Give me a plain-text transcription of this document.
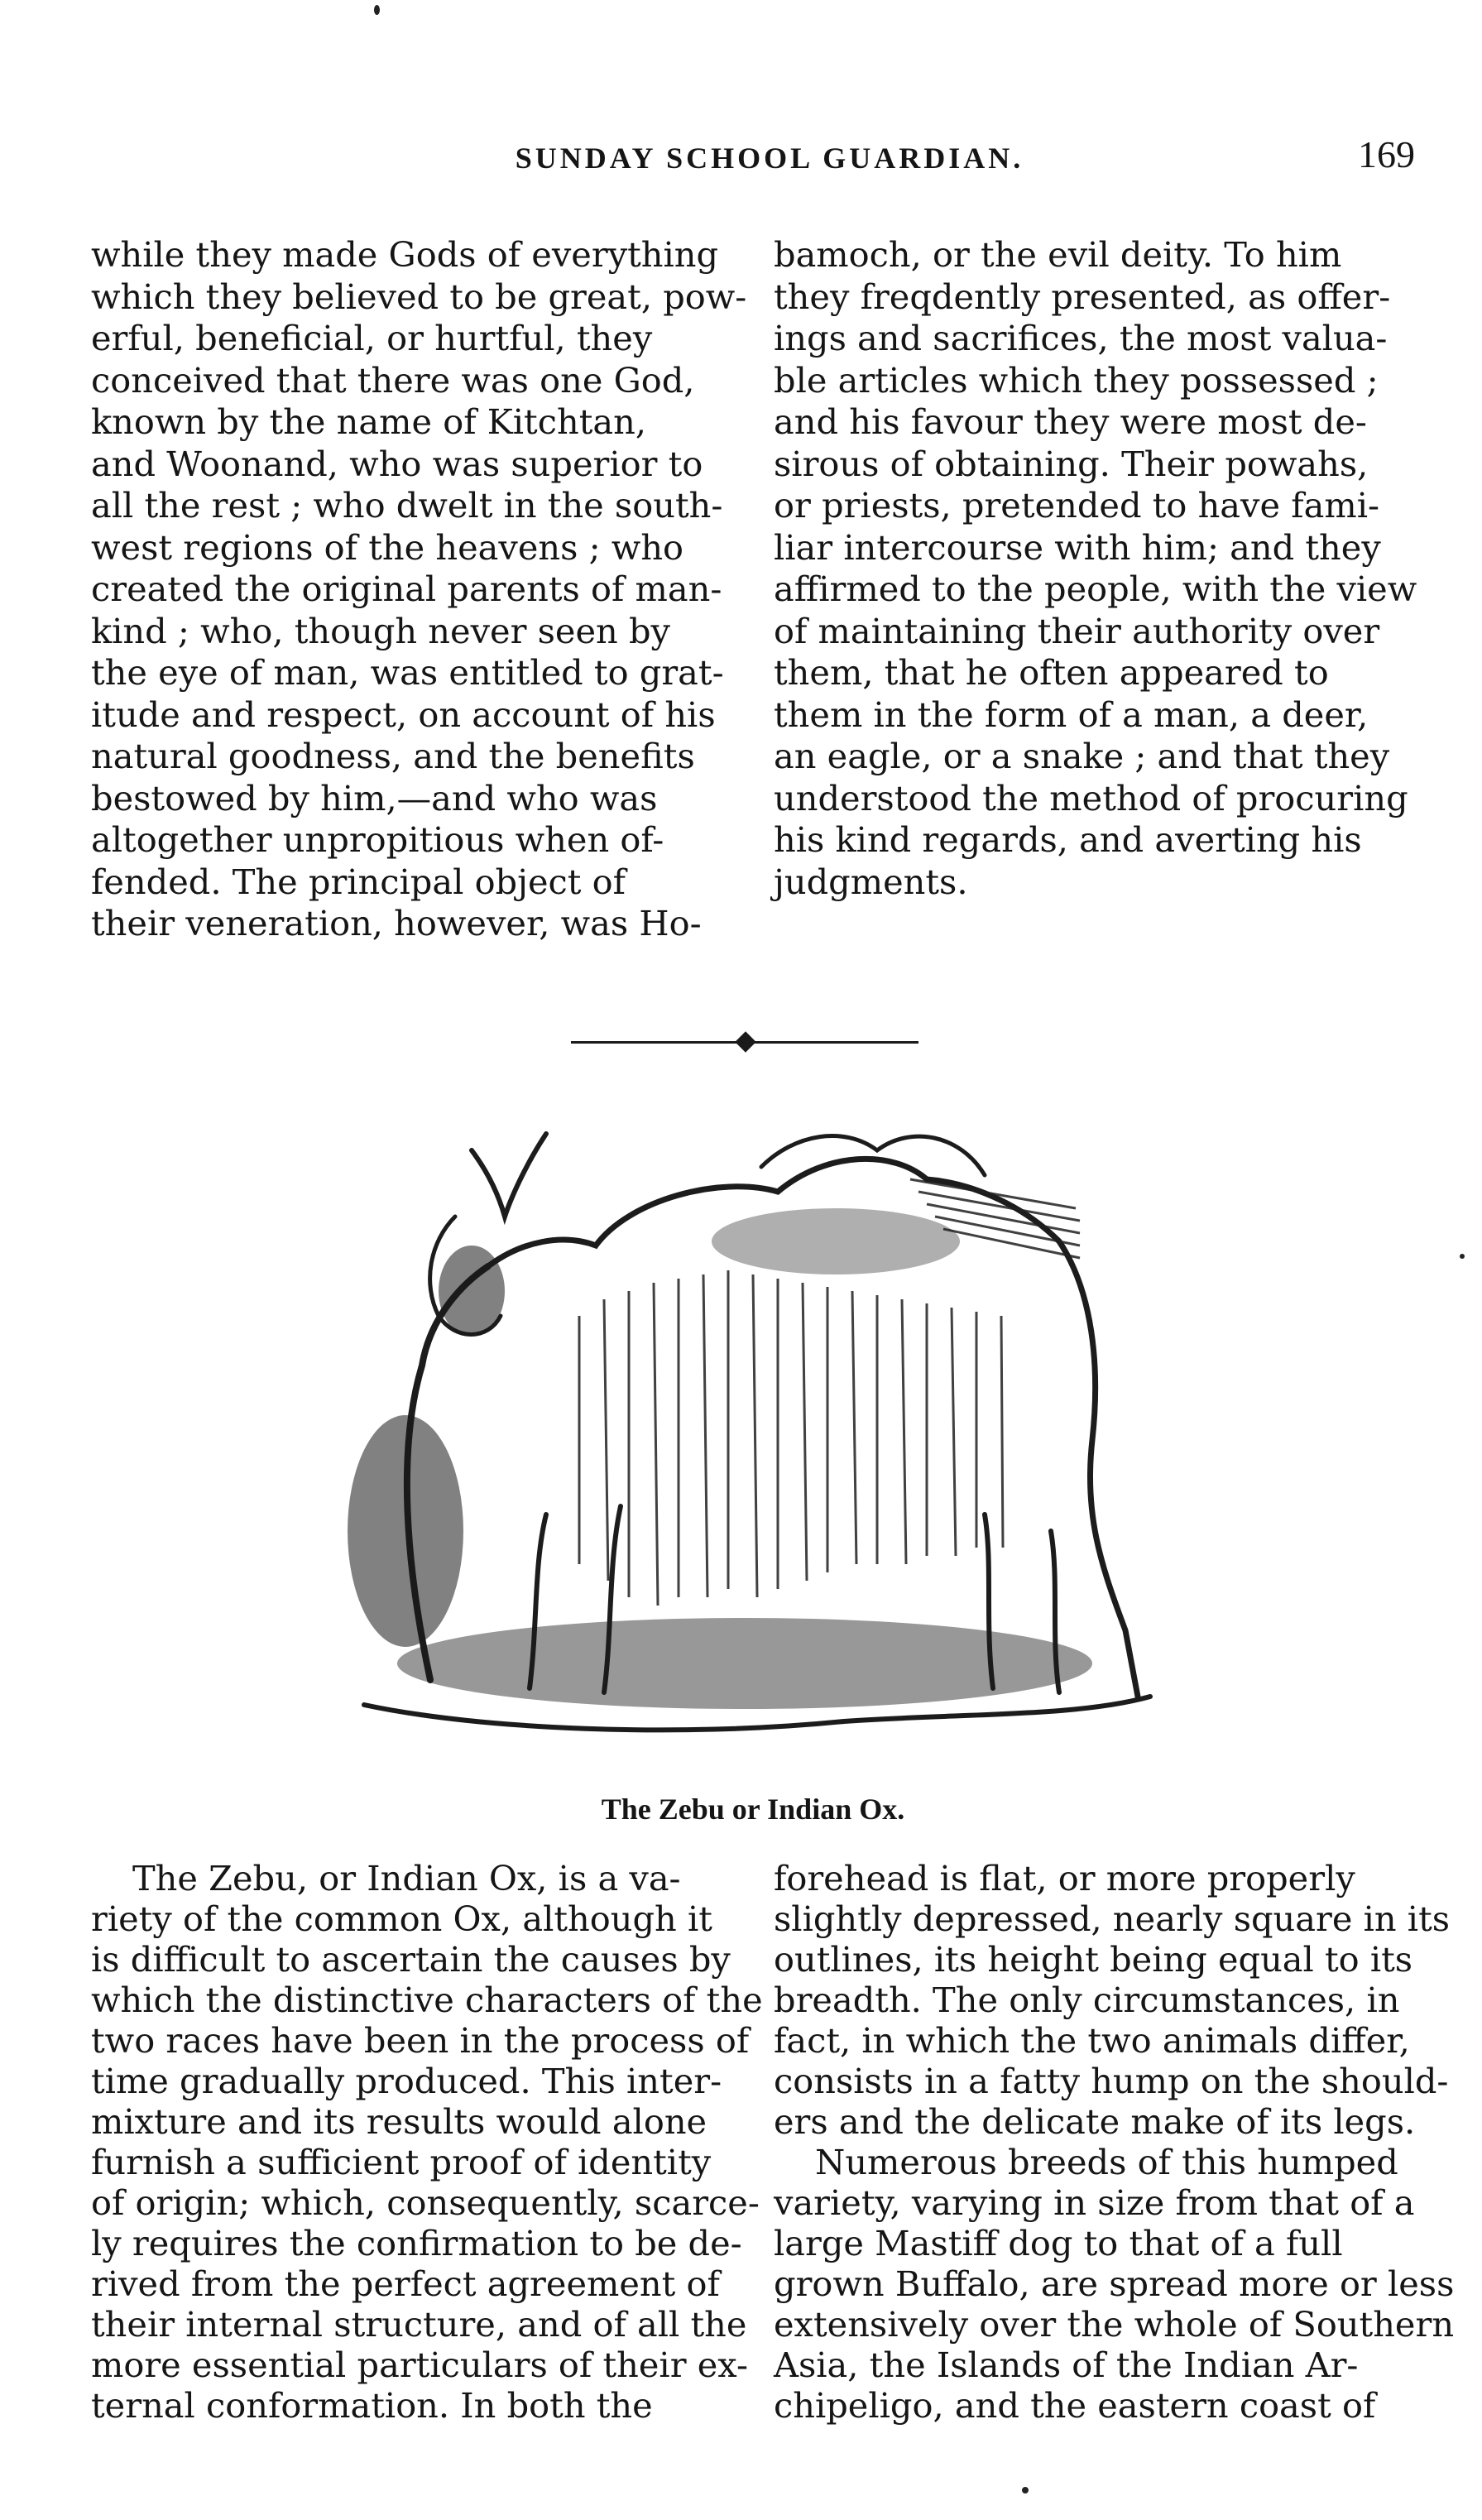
SUNDAY SCHOOL GUARDIAN.	169
while they made Gods of everything
which they believed to be great, pow-
erful, beneficial, or hurtful, they
conceived that there was one God,
known by the name of Kitchtan,
and Woonand, who was superior to
all the rest ; who dwelt in the south-
west regions of the heavens ; who
created the original parents of man-
kind ; who, though never seen by
the eye of man, was entitled to grat-
itude and respect, on account of his
natural goodness, and the benefits
bestowed by him,—and who was
altogether unpropitious when of-
fended. The principal object of
their veneration, however, was Ho-
bamoch, or the evil deity. To him
they freqdently presented, as offer-
ings and sacrifices, the most valua-
ble articles which they possessed ;
and his favour they were most de-
sirous of obtaining. Their powahs,
or priests, pretended to have fami-
liar intercourse with him; and they
affirmed to the people, with the view
of maintaining their authority over
them, that he often appeared to
them in the form of a man, a deer,
an eagle, or a snake ; and that they
understood the method of procuring
his kind regards, and averting his
judgments.
The Zebu or Indian Ox.
The Zebu, or Indian Ox, is a va-
riety of the common Ox, although it
is difficult to ascertain the causes by
which the distinctive characters of the
two races have been in the process of
time gradually produced. This inter-
mixture and its results would alone
furnish a sufficient proof of identity
of origin; which, consequently, scarce-
ly requires the confirmation to be de-
rived from the perfect agreement of
their internal structure, and of all the
more essential particulars of their ex-
ternal conformation. In both the
forehead is flat, or more properly
slightly depressed, nearly square in its
outlines, its height being equal to its
breadth. The only circumstances, in
fact, in which the two animals differ,
consists in a fatty hump on the should-
ers and the delicate make of its legs.
Numerous breeds of this humped
variety, varying in size from that of a
large Mastiff dog to that of a full
grown Buffalo, are spread more or less
extensively over the whole of Southern
Asia, the Islands of the Indian Ar-
chipeligo, and the eastern coast of
